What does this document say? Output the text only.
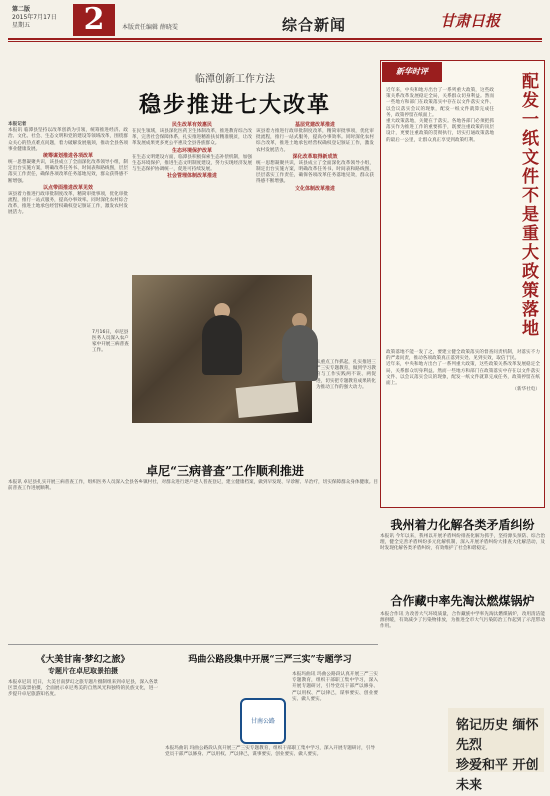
第二版
2015年7月17日
星期五	2	本版责任编辑 薛晓雯	综合新闻	甘肃日报
临潭创新工作方法
稳步推进七大改革
本报记者
本报讯 临潭县坚持以改革创新为引领，统筹推进经济、政治、文化、社会、生态文明和党的建设等领域改革，围绕群众关心的热点难点问题，着力破解发展瓶颈，推动全县各项事业健康发展。
统筹谋划推进各项改革
统一思想凝聚共识，该县成立了全面深化改革领导小组，制定出台实施方案，明确改革任务书、时间表和路线图，层层落实工作责任，确保各项改革任务落地见效，群众获得感不断增强。
以点带面推进改革见效
该县着力推进行政审批制度改革，精简审批事项，优化审批流程，推行一站式服务，提高办事效率。同时深化农村综合改革，推进土地承包经营权确权登记颁证工作，激发农村发展活力。
民生改革有效惠民
在民生领域，该县深化医药卫生体制改革，推进教育综合改革，完善社会保障体系，扎实推进精准扶贫精准脱贫，让改革发展成果更多更公平惠及全县各族群众。
生态环境保护改革
在生态文明建设方面，临潭县积极探索生态补偿机制，加强生态环境保护，推进生态文明制度建设，努力实现经济发展与生态保护协调统一，促进可持续发展。
社会管理体制改革推进
基层党建改革推进
该县着力推进行政审批制度改革，精简审批事项，优化审批流程，推行一站式服务，提高办事效率。同时深化农村综合改革，推进土地承包经营权确权登记颁证工作，激发农村发展活力。
深化改革取得新成效
统一思想凝聚共识，该县成立了全面深化改革领导小组，制定出台实施方案，明确改革任务书、时间表和路线图，层层落实工作责任，确保各项改革任务落地见效，群众获得感不断增强。
文化体制改革推进
7月16日，卓尼县医务人员深入农户家中开展三病普查工作。
从重点工作抓起，扎实推进三严三实专题教育，做到学习教育与工作实践两不误、两促进，切实把专题教育成果转化为推动工作的强大动力。
卓尼“三病普查”工作顺利推进
本报讯 卓尼县扎实开展三病普查工作，组织医务人员深入全县各乡镇村社，对群众进行逐户逐人普查登记，建立健康档案，做到早发现、早诊断、早治疗，切实保障群众身体健康。目前普查工作进展顺利。
新华时评
配发一纸文件不是重大政策落地
近年来，中央和地方出台了一系列重大政策，这些政策关系改革发展稳定全局，关系群众切身利益。然而一些地方和部门在政策落实中存在以文件落实文件、以会议落实会议的现象，配发一纸文件就算完成任务，政策停留在纸面上。
重大政策落地，关键在于落实。各地各部门必须把抓落实作为推进工作的重要抓手，既要注重政策的顶层设计，更要注重政策的贯彻执行，切实打通政策落地的最后一公里，让群众真正享受到政策红利。
政策落地不能一发了之，要建立健全政策落实的督查问责机制，对落实不力的严肃问责，推动各项政策真正落到实处、见到实效，取信于民。
近年来，中央和地方出台了一系列重大政策，这些政策关系改革发展稳定全局，关系群众切身利益。然而一些地方和部门在政策落实中存在以文件落实文件、以会议落实会议的现象，配发一纸文件就算完成任务，政策停留在纸面上。
（新华社电）
我州着力化解各类矛盾纠纷
本报讯 今年以来，我州以开展矛盾纠纷排查化解为抓手，坚持源头预防、综合治理，健全完善矛盾纠纷多元化解机制，深入开展矛盾纠纷大排查大化解活动，及时发现化解各类矛盾纠纷，有效维护了社会和谐稳定。
合作藏中率先淘汰燃煤锅炉
本报合作讯 为改善大气环境质量，合作藏族中学率先淘汰燃煤锅炉，改用清洁能源供暖，有效减少了污染物排放，为推进全市大气污染防治工作起到了示范带动作用。
《大美甘南·梦幻之旅》
专题片在卓尼取景拍摄
本报卓尼讯 近日，大美甘南梦幻之旅专题片摄制组来到卓尼县，深入各景区景点取景拍摄，全面展示卓尼秀美的自然风光和独特的民族文化，进一步提升卓尼旅游知名度。
玛曲公路段集中开展“三严三实”专题学习
甘南公路
本报玛曲讯 玛曲公路段认真开展三严三实专题教育，组织干部职工集中学习，深入开展专题研讨，引导党员干部严以修身、严以用权、严以律己，谋事要实、创业要实、做人要实。
本报玛曲讯 玛曲公路段认真开展三严三实专题教育，组织干部职工集中学习，深入开展专题研讨，引导党员干部严以修身、严以用权、严以律己，谋事要实、创业要实、做人要实。
铭记历史 缅怀先烈
珍爱和平 开创未来
